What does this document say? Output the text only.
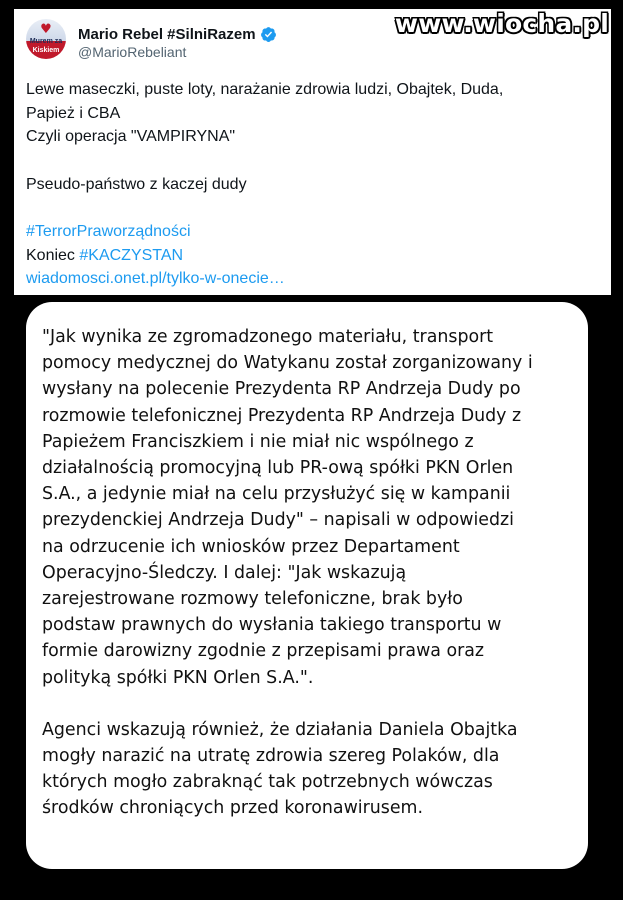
♥
Murem za
Kiskiem
Mario Rebel #SilniRazem
@MarioRebeliant

Lewe maseczki, puste loty, narażanie zdrowia ludzi, Obajtek, Duda,

Papież i CBA

Czyli operacja "VAMPIRYNA"

Pseudo-państwo z kaczej dudy

#TerrorPraworządności

Koniec #KACZYSTAN

wiadomosci.onet.pl/tylko-w-onecie…

www.wiocha.pl

"Jak wynika ze zgromadzonego materiału, transport
pomocy medycznej do Watykanu został zorganizowany i
wysłany na polecenie Prezydenta RP Andrzeja Dudy po
rozmowie telefonicznej Prezydenta RP Andrzeja Dudy z
Papieżem Franciszkiem i nie miał nic wspólnego z
działalnością promocyjną lub PR-ową spółki PKN Orlen
S.A., a jedynie miał na celu przysłużyć się w kampanii
prezydenckiej Andrzeja Dudy" – napisali w odpowiedzi
na odrzucenie ich wniosków przez Departament
Operacyjno-Śledczy. I dalej: "Jak wskazują
zarejestrowane rozmowy telefoniczne, brak było
podstaw prawnych do wysłania takiego transportu w
formie darowizny zgodnie z przepisami prawa oraz
polityką spółki PKN Orlen S.A.".

Agenci wskazują również, że działania Daniela Obajtka
mogły narazić na utratę zdrowia szereg Polaków, dla
których mogło zabraknąć tak potrzebnych wówczas
środków chroniących przed koronawirusem.
